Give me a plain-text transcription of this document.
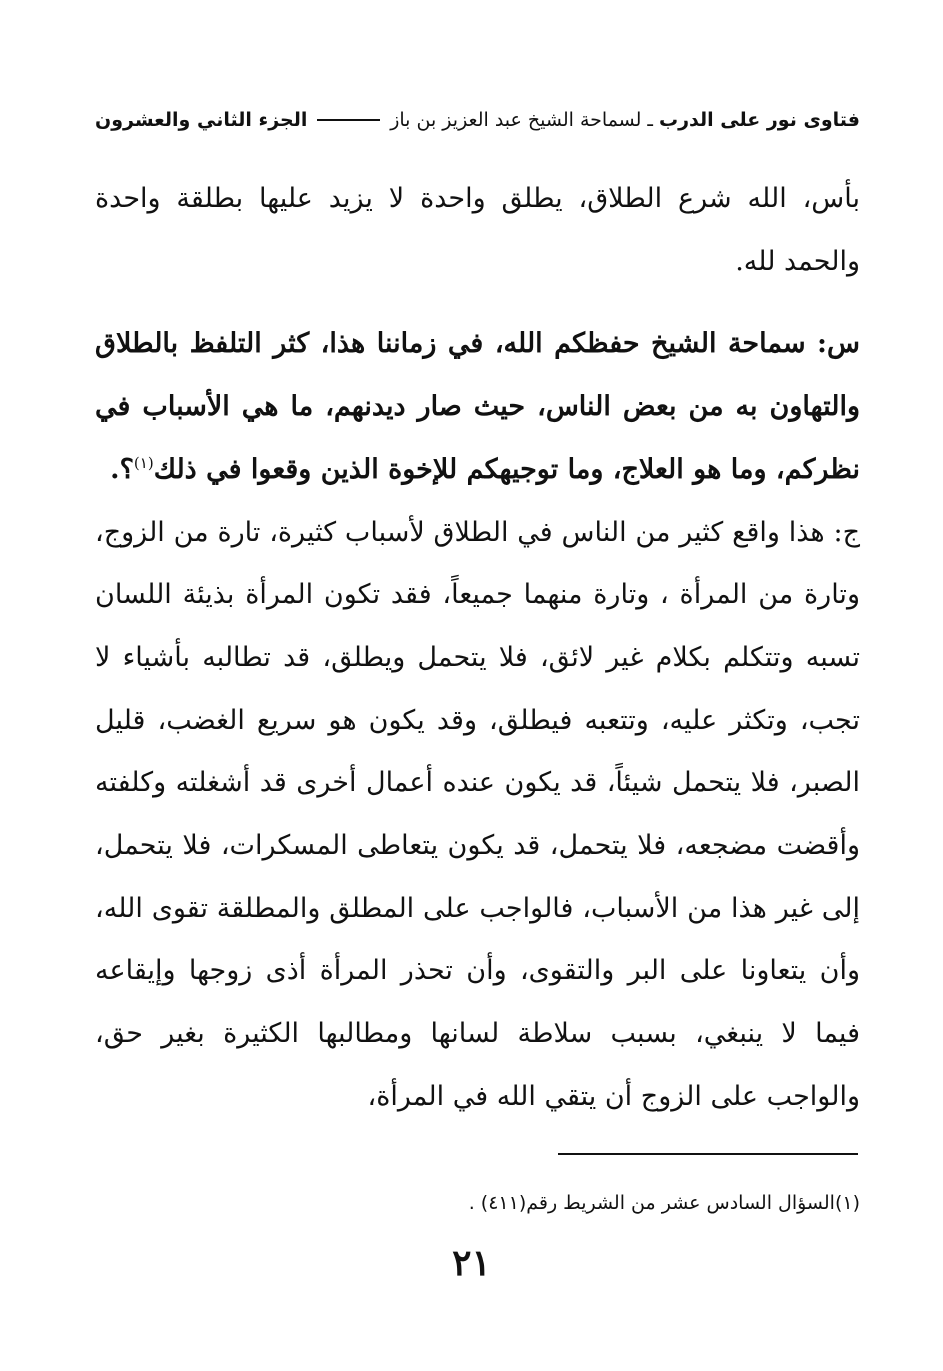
فتاوى نور على الدرب
ـ
لسماحة الشيخ عبد العزيز بن باز
الجزء الثاني والعشرون

بأس، الله شرع الطلاق، يطلق واحدة لا يزيد عليها بطلقة واحدة والحمد لله.

س: سماحة الشيخ حفظكم الله، في زماننا هذا، كثر التلفظ بالطلاق والتهاون به من بعض الناس، حيث صار ديدنهم، ما هي الأسباب في نظركم، وما هو العلاج، وما توجيهكم للإخوة الذين وقعوا في ذلك$^{(١)}$؟.

ج: هذا واقع كثير من الناس في الطلاق لأسباب كثيرة، تارة من الزوج، وتارة من المرأة ، وتارة منهما جميعاً، فقد تكون المرأة بذيئة اللسان تسبه وتتكلم بكلام غير لائق، فلا يتحمل ويطلق، قد تطالبه بأشياء لا تجب، وتكثر عليه، وتتعبه فيطلق، وقد يكون هو سريع الغضب، قليل الصبر، فلا يتحمل شيئاً، قد يكون عنده أعمال أخرى قد أشغلته وكلفته وأقضت مضجعه، فلا يتحمل، قد يكون يتعاطى المسكرات، فلا يتحمل، إلى غير هذا من الأسباب، فالواجب على المطلق والمطلقة تقوى الله، وأن يتعاونا على البر والتقوى، وأن تحذر المرأة أذى زوجها وإيقاعه فيما لا ينبغي، بسبب سلاطة لسانها ومطالبها الكثيرة بغير حق، والواجب على الزوج أن يتقي الله في المرأة،

(١)السؤال السادس عشر من الشريط رقم(٤١١) .
٢١
